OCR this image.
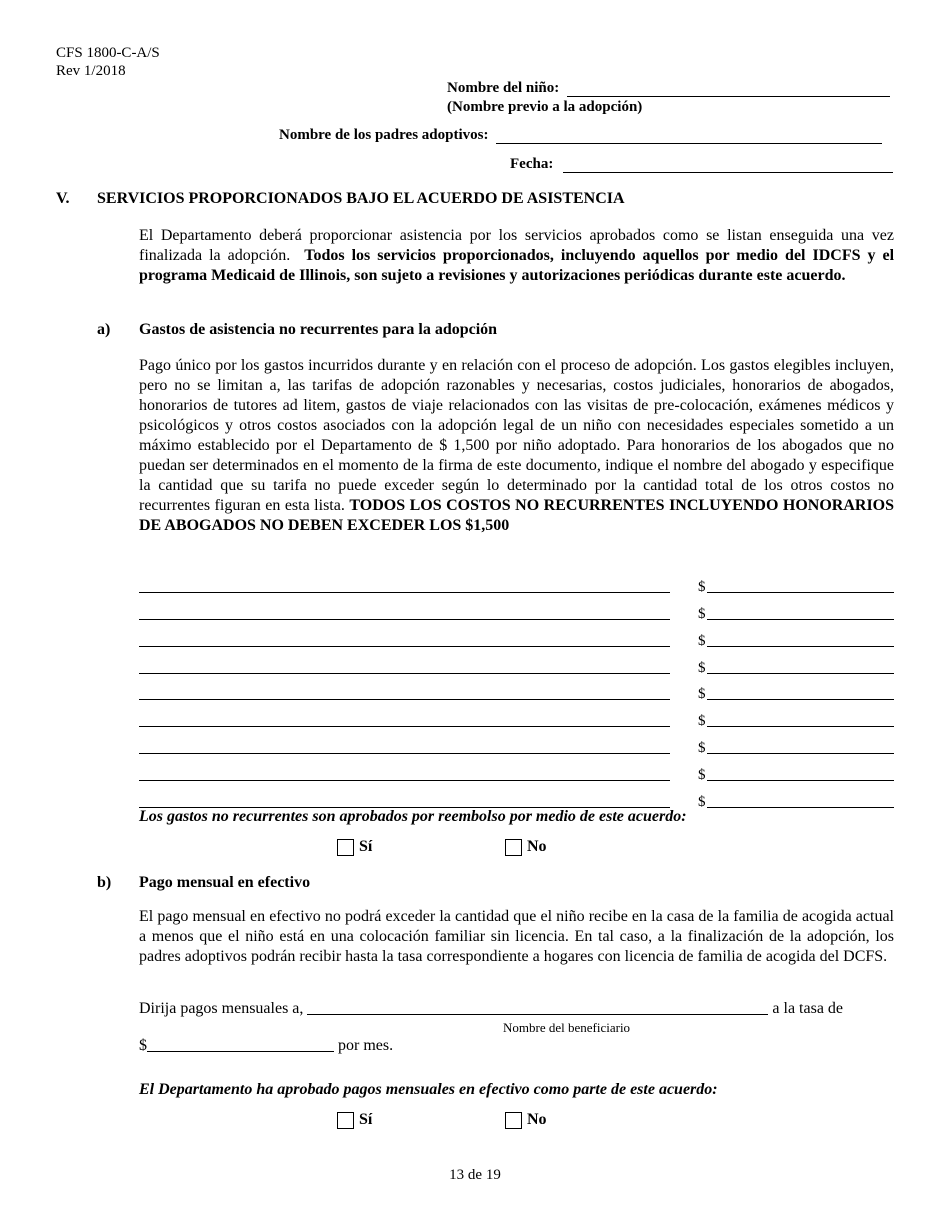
CFS 1800-C-A/S
Rev 1/2018
Nombre del niño:
(Nombre previo a la adopción)
Nombre de los padres adoptivos:
Fecha:
V. SERVICIOS PROPORCIONADOS BAJO EL ACUERDO DE ASISTENCIA
El Departamento deberá proporcionar asistencia por los servicios aprobados como se listan enseguida una vez finalizada la adopción. Todos los servicios proporcionados, incluyendo aquellos por medio del IDCFS y el programa Medicaid de Illinois, son sujeto a revisiones y autorizaciones periódicas durante este acuerdo.
a) Gastos de asistencia no recurrentes para la adopción
Pago único por los gastos incurridos durante y en relación con el proceso de adopción. Los gastos elegibles incluyen, pero no se limitan a, las tarifas de adopción razonables y necesarias, costos judiciales, honorarios de abogados, honorarios de tutores ad litem, gastos de viaje relacionados con las visitas de pre-colocación, exámenes médicos y psicológicos y otros costos asociados con la adopción legal de un niño con necesidades especiales sometido a un máximo establecido por el Departamento de $ 1,500 por niño adoptado. Para honorarios de los abogados que no puedan ser determinados en el momento de la firma de este documento, indique el nombre del abogado y especifique la cantidad que su tarifa no puede exceder según lo determinado por la cantidad total de los otros costos no recurrentes figuran en esta lista. TODOS LOS COSTOS NO RECURRENTES INCLUYENDO HONORARIOS DE ABOGADOS NO DEBEN EXCEDER LOS $1,500
$
$
$
$
$
$
$
$
$
Los gastos no recurrentes son aprobados por reembolso por medio de este acuerdo:
Sí	No
b) Pago mensual en efectivo
El pago mensual en efectivo no podrá exceder la cantidad que el niño recibe en la casa de la familia de acogida actual a menos que el niño está en una colocación familiar sin licencia. En tal caso, a la finalización de la adopción, los padres adoptivos podrán recibir hasta la tasa correspondiente a hogares con licencia de familia de acogida del DCFS.
Dirija pagos mensuales a,	a la tasa de
Nombre del beneficiario
$	por mes.
El Departamento ha aprobado pagos mensuales en efectivo como parte de este acuerdo:
Sí	No
13 de 19
